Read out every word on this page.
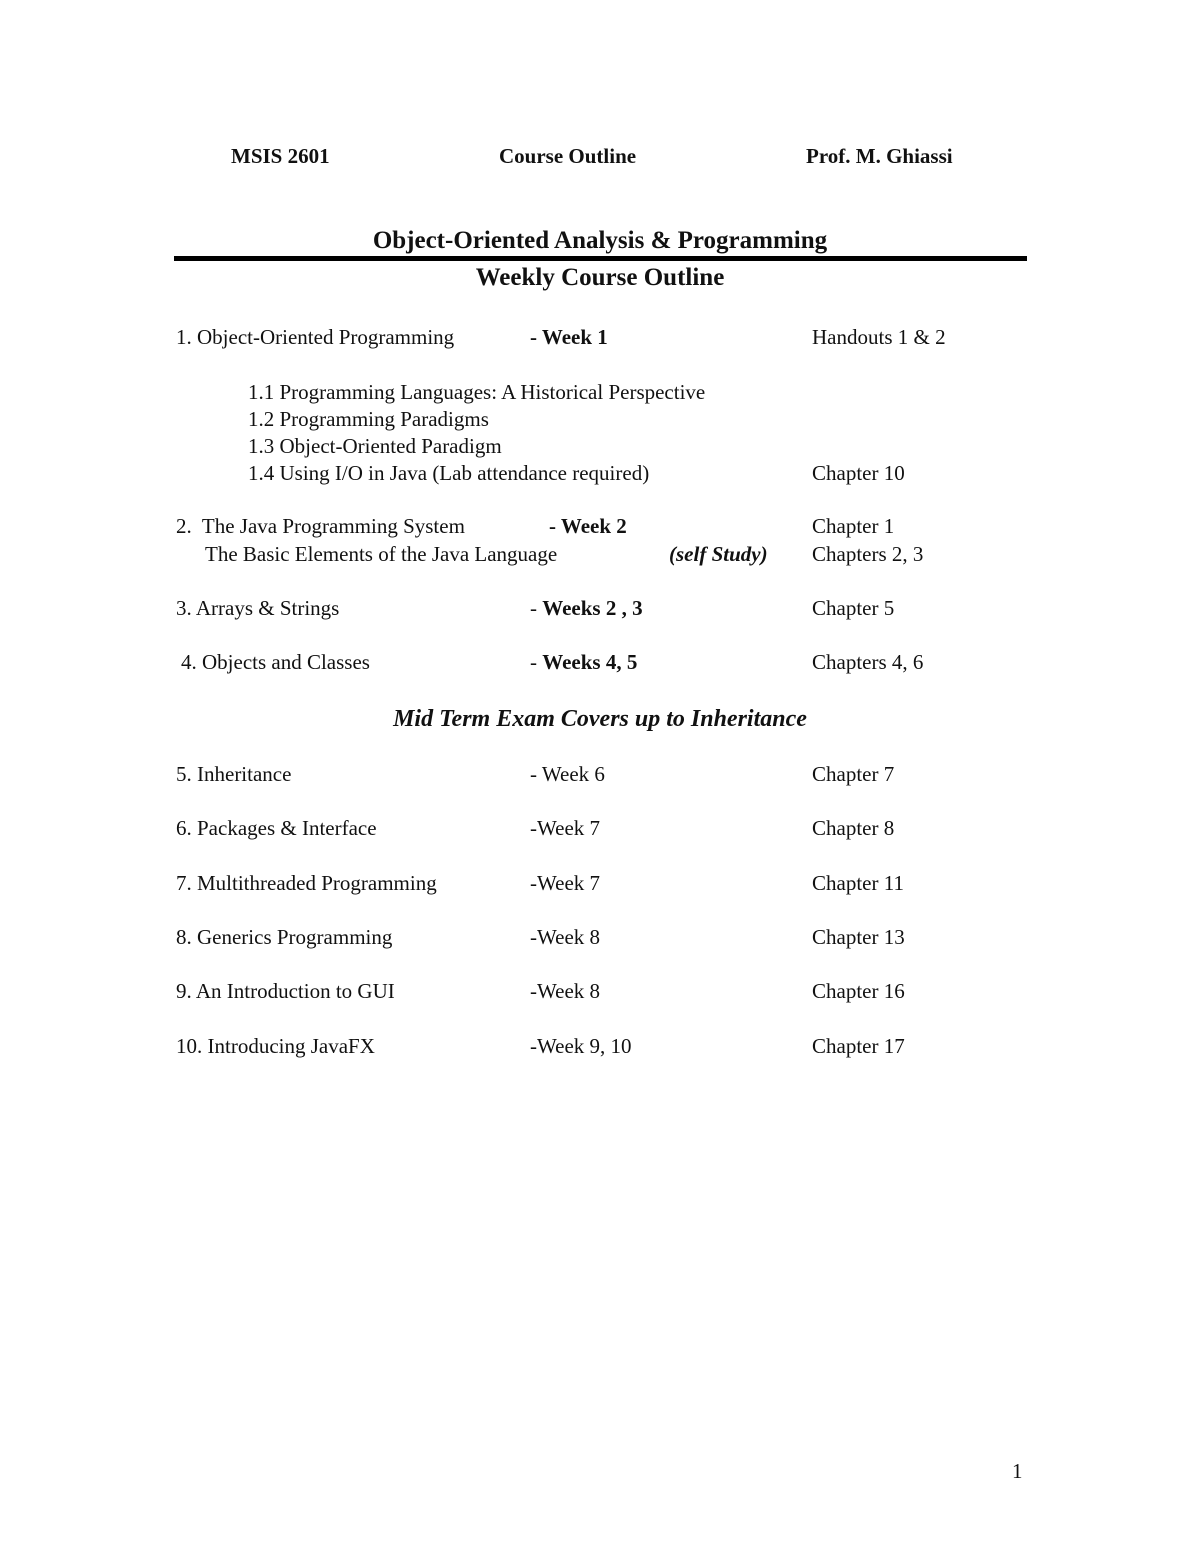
MSIS 2601	Course Outline	Prof. M. Ghiassi
Object-Oriented Analysis & Programming
Weekly Course Outline
1. Object-Oriented Programming	- Week 1	Handouts 1 & 2
1.1 Programming Languages: A Historical Perspective
1.2 Programming Paradigms
1.3 Object-Oriented Paradigm
1.4 Using I/O in Java (Lab attendance required)	Chapter 10
2.  The Java Programming System	- Week 2	Chapter 1
The Basic Elements of the Java Language	(self Study) Chapters 2, 3
3. Arrays & Strings	- Weeks 2 , 3	Chapter 5
4. Objects and Classes	- Weeks 4, 5	Chapters 4, 6
Mid Term Exam Covers up to Inheritance
5. Inheritance	- Week 6	Chapter 7
6. Packages & Interface	-Week 7	Chapter 8
7. Multithreaded Programming	-Week 7	Chapter 11
8. Generics Programming	-Week 8	Chapter 13
9. An Introduction to GUI	-Week 8	Chapter 16
10. Introducing JavaFX	-Week 9, 10	Chapter 17
1
